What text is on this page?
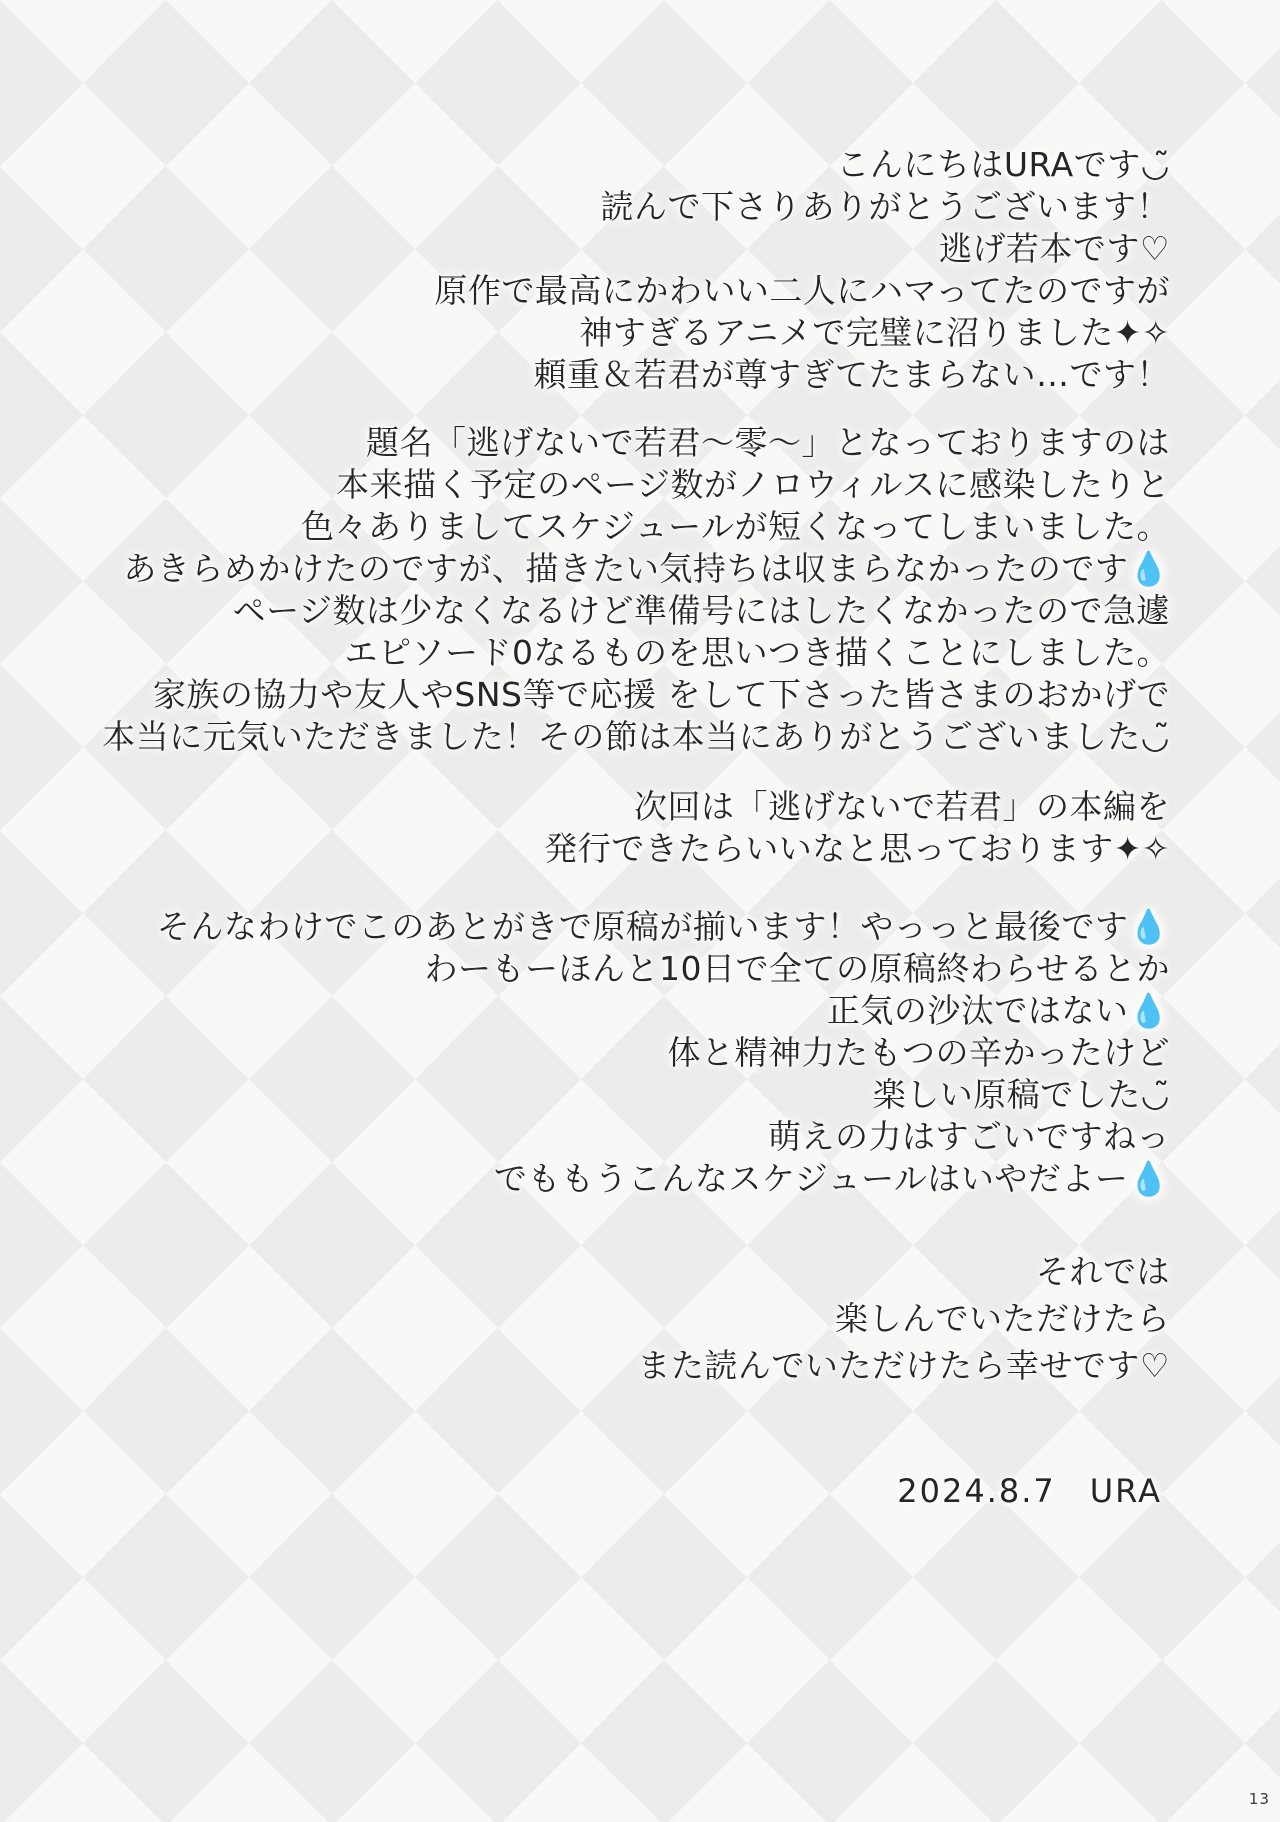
こんにちはURAです◡̃
読んで下さりありがとうございます！
逃げ若本です♡
原作で最高にかわいい二人にハマってたのですが
神すぎるアニメで完璧に沼りました✦✧
頼重＆若君が尊すぎてたまらない…です！
題名「逃げないで若君〜零〜」となっておりますのは
本来描く予定のページ数がノロウィルスに感染したりと
色々ありましてスケジュールが短くなってしまいました。
あきらめかけたのですが、描きたい気持ちは収まらなかったのです💧
ページ数は少なくなるけど準備号にはしたくなかったので急遽
エピソード0なるものを思いつき描くことにしました。
家族の協力や友人やSNS等で応援 をして下さった皆さまのおかげで
本当に元気いただきました！その節は本当にありがとうございました◡̃
次回は「逃げないで若君」の本編を
発行できたらいいなと思っております✦✧
そんなわけでこのあとがきで原稿が揃います！やっっと最後です💧
わーもーほんと10日で全ての原稿終わらせるとか
正気の沙汰ではない💧
体と精神力たもつの辛かったけど
楽しい原稿でした◡̃
萌えの力はすごいですねっ
でももうこんなスケジュールはいやだよー💧
それでは
楽しんでいただけたら
また読んでいただけたら幸せです♡
2024.8.7　URA
13
